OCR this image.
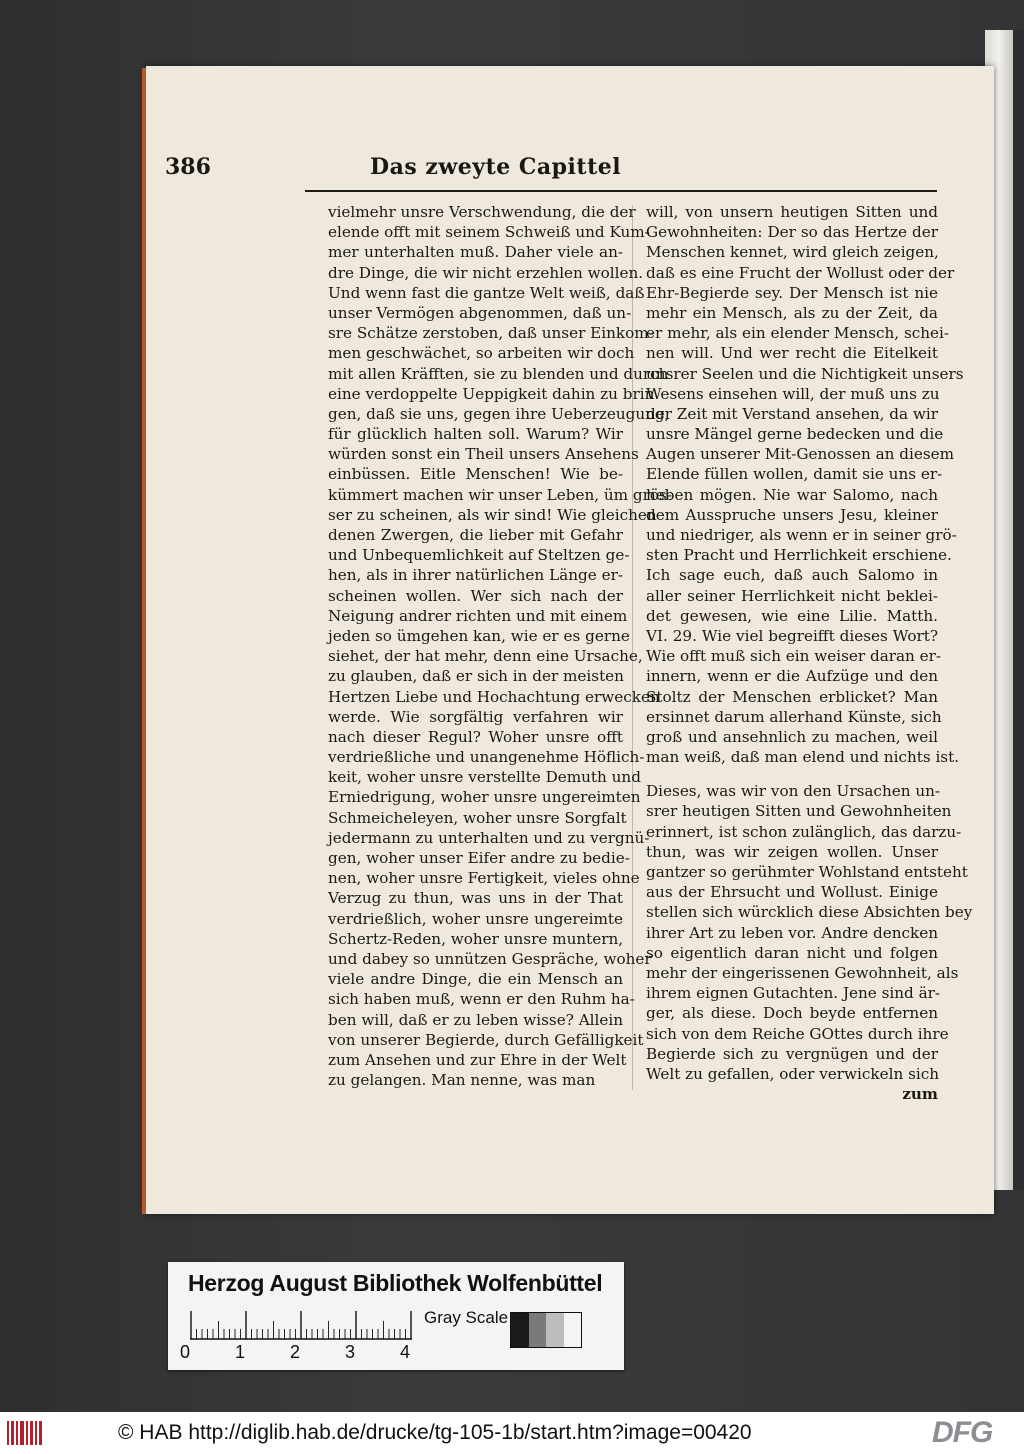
386	Das zweyte Capittel
vielmehr unsre Verschwendung, die der
elende offt mit seinem Schweiß und Kum-
mer unterhalten muß. Daher viele an-
dre Dinge, die wir nicht erzehlen wollen.
Und wenn fast die gantze Welt weiß, daß
unser Vermögen abgenommen, daß un-
sre Schätze zerstoben, daß unser Einkom-
men geschwächet, so arbeiten wir doch
mit allen Kräfften, sie zu blenden und durch
eine verdoppelte Ueppigkeit dahin zu brin
gen, daß sie uns, gegen ihre Ueberzeugung,
für glücklich halten soll. Warum? Wir
würden sonst ein Theil unsers Ansehens
einbüssen. Eitle Menschen! Wie be-
kümmert machen wir unser Leben, üm grös-
ser zu scheinen, als wir sind! Wie gleichen
denen Zwergen, die lieber mit Gefahr
und Unbequemlichkeit auf Steltzen ge-
hen, als in ihrer natürlichen Länge er-
scheinen wollen. Wer sich nach der
Neigung andrer richten und mit einem
jeden so ümgehen kan, wie er es gerne
siehet, der hat mehr, denn eine Ursache,
zu glauben, daß er sich in der meisten
Hertzen Liebe und Hochachtung erwecken
werde. Wie sorgfältig verfahren wir
nach dieser Regul? Woher unsre offt
verdrießliche und unangenehme Höflich-
keit, woher unsre verstellte Demuth und
Erniedrigung, woher unsre ungereimten
Schmeicheleyen, woher unsre Sorgfalt
jedermann zu unterhalten und zu vergnü-
gen, woher unser Eifer andre zu bedie-
nen, woher unsre Fertigkeit, vieles ohne
Verzug zu thun, was uns in der That
verdrießlich, woher unsre ungereimte
Schertz-Reden, woher unsre muntern,
und dabey so unnützen Gespräche, woher
viele andre Dinge, die ein Mensch an
sich haben muß, wenn er den Ruhm ha-
ben will, daß er zu leben wisse? Allein
von unserer Begierde, durch Gefälligkeit
zum Ansehen und zur Ehre in der Welt
zu gelangen. Man nenne, was man
will, von unsern heutigen Sitten und
Gewohnheiten: Der so das Hertze der
Menschen kennet, wird gleich zeigen,
daß es eine Frucht der Wollust oder der
Ehr-Begierde sey. Der Mensch ist nie
mehr ein Mensch, als zu der Zeit, da
er mehr, als ein elender Mensch, schei-
nen will. Und wer recht die Eitelkeit
unsrer Seelen und die Nichtigkeit unsers
Wesens einsehen will, der muß uns zu
der Zeit mit Verstand ansehen, da wir
unsre Mängel gerne bedecken und die
Augen unserer Mit-Genossen an diesem
Elende füllen wollen, damit sie uns er-
heben mögen. Nie war Salomo, nach
dem Ausspruche unsers Jesu, kleiner
und niedriger, als wenn er in seiner grö-
sten Pracht und Herrlichkeit erschiene.
Ich sage euch, daß auch Salomo in
aller seiner Herrlichkeit nicht beklei-
det gewesen, wie eine Lilie. Matth.
VI. 29. Wie viel begreifft dieses Wort?
Wie offt muß sich ein weiser daran er-
innern, wenn er die Aufzüge und den
Stoltz der Menschen erblicket? Man
ersinnet darum allerhand Künste, sich
groß und ansehnlich zu machen, weil
man weiß, daß man elend und nichts ist.
Dieses, was wir von den Ursachen un-
srer heutigen Sitten und Gewohnheiten
erinnert, ist schon zulänglich, das darzu-
thun, was wir zeigen wollen. Unser
gantzer so gerühmter Wohlstand entsteht
aus der Ehrsucht und Wollust. Einige
stellen sich würcklich diese Absichten bey
ihrer Art zu leben vor. Andre dencken
so eigentlich daran nicht und folgen
mehr der eingerissenen Gewohnheit, als
ihrem eignen Gutachten. Jene sind är-
ger, als diese. Doch beyde entfernen
sich von dem Reiche GOttes durch ihre
Begierde sich zu vergnügen und der
Welt zu gefallen, oder verwickeln sich
zum
Herzog August Bibliothek Wolfenbüttel
0 1 2 3 4
Gray Scale
© HAB http://diglib.hab.de/drucke/tg-105-1b/start.htm?image=00420	DFG
